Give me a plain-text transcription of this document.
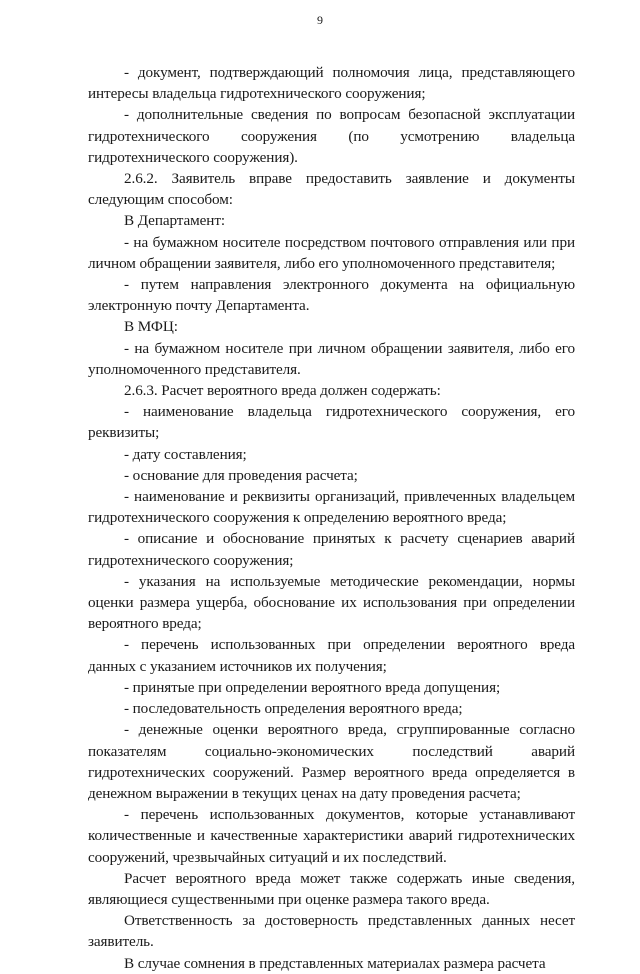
9

- документ, подтверждающий полномочия лица, представляющего интересы владельца гидротехнического сооружения;

- дополнительные сведения по вопросам безопасной эксплуатации гидротехнического сооружения (по усмотрению владельца гидротехнического сооружения).

2.6.2. Заявитель вправе предоставить заявление и документы следующим способом:

В Департамент:

- на бумажном носителе посредством почтового отправления или при личном обращении заявителя, либо его уполномоченного представителя;

- путем направления электронного документа на официальную электронную почту Департамента.

В МФЦ:

- на бумажном носителе при личном обращении заявителя, либо его уполномоченного представителя.

2.6.3. Расчет вероятного вреда должен содержать:

- наименование владельца гидротехнического сооружения, его реквизиты;

- дату составления;

- основание для проведения расчета;

- наименование и реквизиты организаций, привлеченных владельцем гидротехнического сооружения к определению вероятного вреда;

- описание и обоснование принятых к расчету сценариев аварий гидротехнического сооружения;

- указания на используемые методические рекомендации, нормы оценки размера ущерба, обоснование их использования при определении вероятного вреда;

- перечень использованных при определении вероятного вреда данных с указанием источников их получения;

- принятые при определении вероятного вреда допущения;

- последовательность определения вероятного вреда;

- денежные оценки вероятного вреда, сгруппированные согласно показателям социально-экономических последствий аварий гидротехнических сооружений. Размер вероятного вреда определяется в денежном выражении в текущих ценах на дату проведения расчета;

- перечень использованных документов, которые устанавливают количественные и качественные характеристики аварий гидротехнических сооружений, чрезвычайных ситуаций и их последствий.

Расчет вероятного вреда может также содержать иные сведения, являющиеся существенными при оценке размера такого вреда.

Ответственность за достоверность представленных данных несет заявитель.

В случае сомнения в представленных материалах размера расчета
